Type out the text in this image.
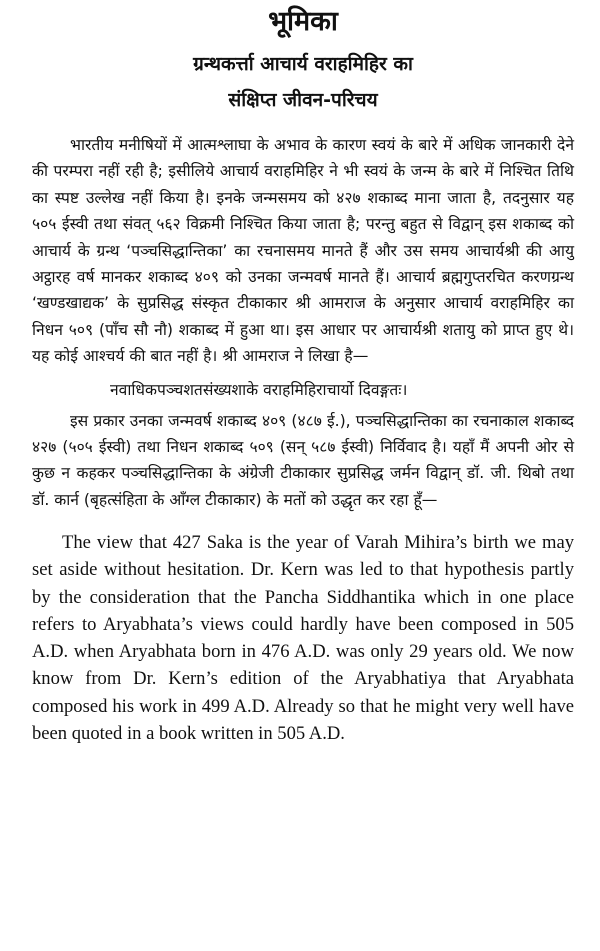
भूमिका
ग्रन्थकर्त्ता आचार्य वराहमिहिर का
संक्षिप्त जीवन-परिचय

भारतीय मनीषियों में आत्मश्लाघा के अभाव के कारण स्वयं के बारे में अधिक जानकारी देने की परम्परा नहीं रही है; इसीलिये आचार्य वराहमिहिर ने भी स्वयं के जन्म के बारे में निश्चित तिथि का स्पष्ट उल्लेख नहीं किया है। इनके जन्मसमय को ४२७ शकाब्द माना जाता है, तदनुसार यह ५०५ ईस्वी तथा संवत् ५६२ विक्रमी निश्चित किया जाता है; परन्तु बहुत से विद्वान् इस शकाब्द को आचार्य के ग्रन्थ ‘पञ्चसिद्धान्तिका’ का रचनासमय मानते हैं और उस समय आचार्यश्री की आयु अट्ठारह वर्ष मानकर शकाब्द ४०९ को उनका जन्मवर्ष मानते हैं। आचार्य ब्रह्मगुप्तरचित करणग्रन्थ ‘खण्डखाद्यक’ के सुप्रसिद्ध संस्कृत टीकाकार श्री आमराज के अनुसार आचार्य वराहमिहिर का निधन ५०९ (पाँच सौ नौ) शकाब्द में हुआ था। इस आधार पर आचार्यश्री शतायु को प्राप्त हुए थे। यह कोई आश्चर्य की बात नहीं है। श्री आमराज ने लिखा है—

नवाधिकपञ्चशतसंख्यशाके वराहमिहिराचार्यो दिवङ्गतः।

इस प्रकार उनका जन्मवर्ष शकाब्द ४०९ (४८७ ई.), पञ्चसिद्धान्तिका का रचनाकाल शकाब्द ४२७ (५०५ ईस्वी) तथा निधन शकाब्द ५०९ (सन् ५८७ ईस्वी) निर्विवाद है। यहाँ मैं अपनी ओर से कुछ न कहकर पञ्चसिद्धान्तिका के अंग्रेजी टीकाकार सुप्रसिद्ध जर्मन विद्वान् डॉ. जी. थिबो तथा डॉ. कार्न (बृहत्संहिता के आँग्ल टीकाकार) के मतों को उद्धृत कर रहा हूँ—

The view that 427 Saka is the year of Varah Mihira’s birth we may set aside without hesitation. Dr. Kern was led to that hypothesis partly by the consideration that the Pancha Siddhantika which in one place refers to Aryabhata’s views could hardly have been composed in 505 A.D. when Aryabhata born in 476 A.D. was only 29 years old. We now know from Dr. Kern’s edition of the Aryabhatiya that Aryabhata composed his work in 499 A.D. Already so that he might very well have been quoted in a book written in 505 A.D.
